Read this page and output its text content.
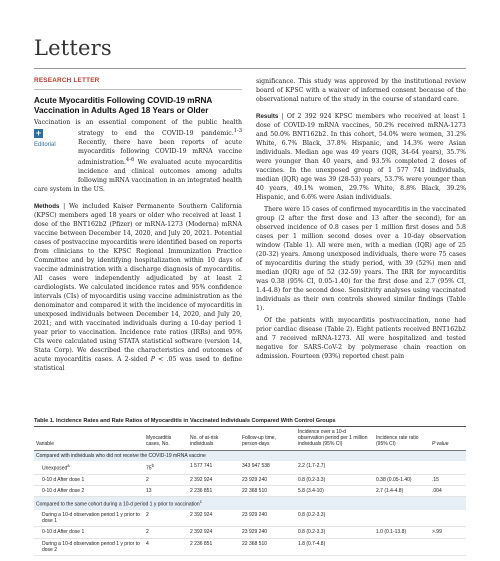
Letters
RESEARCH LETTER
Acute Myocarditis Following COVID-19 mRNA Vaccination in Adults Aged 18 Years or Older

Vaccination is an essential component of the public health strategy to end the COVID-19 pandemic.$^{1-3}$
+
Editorial	Recently, there have been reports of acute myocarditis following COVID-19 mRNA vaccine administration.$^{4-6}$ We evaluated acute myocarditis incidence and clinical outcomes among adults following mRNA vaccination in an integrated health care system in the US.

Methods | We included Kaiser Permanente Southern California (KPSC) members aged 18 years or older who received at least 1 dose of the BNT162b2 (Pfizer) or mRNA-1273 (Moderna) mRNA vaccine between December 14, 2020, and July 20, 2021. Potential cases of postvaccine myocarditis were identified based on reports from clinicians to the KPSC Regional Immunization Practice Committee and by identifying hospitalization within 10 days of vaccine administration with a discharge diagnosis of myocarditis. All cases were independently adjudicated by at least 2 cardiologists. We calculated incidence rates and 95% confidence intervals (CIs) of myocarditis using vaccine administration as the denominator and compared it with the incidence of myocarditis in unexposed individuals between December 14, 2020, and July 20, 2021; and with vaccinated individuals during a 10-day period 1 year prior to vaccination. Incidence rate ratios (IRRs) and 95% CIs were calculated using STATA statistical software (version 14, Stata Corp). We described the characteristics and outcomes of acute myocarditis cases. A 2-sided P < .05 was used to define statistical

significance. This study was approved by the institutional review board of KPSC with a waiver of informed consent because of the observational nature of the study in the course of standard care.

Results | Of 2 392 924 KPSC members who received at least 1 dose of COVID-19 mRNA vaccines, 50.2% received mRNA-1273 and 50.0% BNT162b2. In this cohort, 54.0% were women, 31.2% White, 6.7% Black, 37.8% Hispanic, and 14.3% were Asian individuals. Median age was 49 years (IQR, 34-64 years), 35.7% were younger than 40 years, and 93.5% completed 2 doses of vaccines. In the unexposed group of 1 577 741 individuals, median (IQR) age was 39 (28-53) years, 53.7% were younger than 40 years, 49.1% women, 29.7% White, 8.8% Black, 39.2% Hispanic, and 6.6% were Asian individuals.

There were 15 cases of confirmed myocarditis in the vaccinated group (2 after the first dose and 13 after the second), for an observed incidence of 0.8 cases per 1 million first doses and 5.8 cases per 1 million second doses over a 10-day observation window (Table 1). All were men, with a median (IQR) age of 25 (20-32) years. Among unexposed individuals, there were 75 cases of myocarditis during the study period, with 39 (52%) men and median (IQR) age of 52 (32-59) years. The IRR for myocarditis was 0.38 (95% CI, 0.05-1.40) for the first dose and 2.7 (95% CI, 1.4-4.8) for the second dose. Sensitivity analyses using vaccinated individuals as their own controls showed similar findings (Table 1).

Of the patients with myocarditis postvaccination, none had prior cardiac disease (Table 2). Eight patients received BNT162b2 and 7 received mRNA-1273. All were hospitalized and tested negative for SARS-CoV-2 by polymerase chain reaction on admission. Fourteen (93%) reported chest pain

Table 1. Incidence Rates and Rate Ratios of Myocarditis in Vaccinated Individuals Compared With Control Groups
Variable	Myocarditis cases, No.	No. of at-risk individuals	Follow-up time, person-days	Incidence over a 10-d observation period per 1 million individuals (95% CI)	Incidence rate ratio (95% CI)	P value
Compared with individuals who did not receive the COVID-19 mRNA vaccine						
Unexposed$^a$	75$^b$	1 577 741	343 947 538	2.2 (1.7-2.7)		
0-10 d After dose 1	2	2 392 924	23 929 240	0.8 (0.2-3.3)	0.38 (0.05-1.40)	.15
0-10 d After dose 2	13	2 236 851	22 368 510	5.8 (3.4-10)	2.7 (1.4-4.8)	.004
Compared to the same cohort during a 10-d period 1 y prior to vaccination$^c$
During a 10-d observation period 1 y prior to dose 1	2	2 392 924	23 929 240	0.8 (0.2-3.3)		
0-10 d After dose 1	2	2 392 924	23 929 240	0.8 (0.2-3.3)	1.0 (0.1-13.8)	>.99
During a 10-d observation period 1 y prior to dose 2	4	2 236 851	22 368 510	1.8 (0.7-4.8)		
